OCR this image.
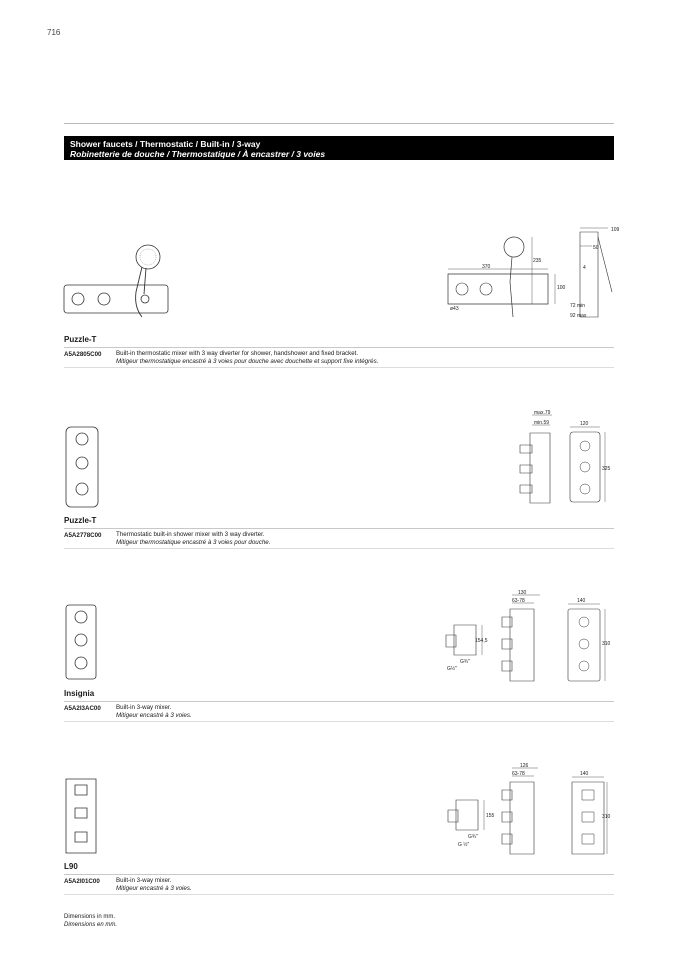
716
Shower faucets / Thermostatic / Built-in / 3-way
Robinetterie de douche / Thermostatique / À encastrer / 3 voies
109
50
235
370
100
ø43
4
72 min
92 max
Puzzle-T
A5A2805C00 Built-in thermostatic mixer with 3 way diverter for shower, handshower and fixed bracket.
Mitigeur thermostatique encastré à 3 voies pour douche avec douchette et support fixe intégrés.
max.79
min.59	120
325
Puzzle-T
A5A2778C00 Thermostatic built-in shower mixer with 3 way diverter.
Mitigeur thermostatique encastré à 3 voies pour douche.
130
63-78	140
154,5
G¾"
G½"
310
Insignia
A5A2I3AC00 Built-in 3-way mixer.
Mitigeur encastré à 3 voies.
126
63-78	140
155
G¾"
G ½"
310
L90
A5A2I01C00	Built-in 3-way mixer.
Mitigeur encastré à 3 voies.
Dimensions in mm.
Dimensions en mm.
